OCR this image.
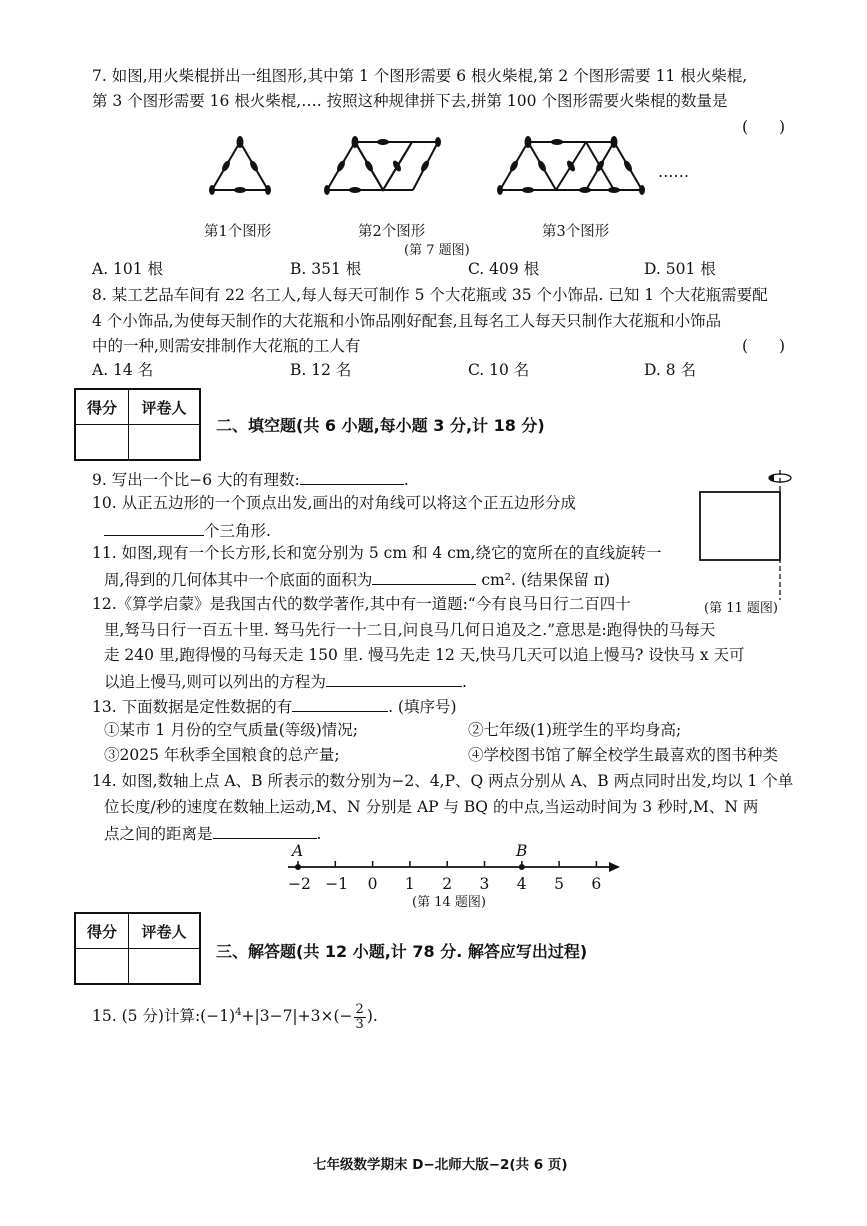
7. 如图,用火柴棍拼出一组图形,其中第 1 个图形需要 6 根火柴棍,第 2 个图形需要 11 根火柴棍,
第 3 个图形需要 16 根火柴棍,…. 按照这种规律拼下去,拼第 100 个图形需要火柴棍的数量是
(　　)
……
第1个图形	第2个图形	第3个图形
(第 7 题图)
A. 101 根	B. 351 根	C. 409 根	D. 501 根
8. 某工艺品车间有 22 名工人,每人每天可制作 5 个大花瓶或 35 个小饰品. 已知 1 个大花瓶需要配
4 个小饰品,为使每天制作的大花瓶和小饰品刚好配套,且每名工人每天只制作大花瓶和小饰品
中的一种,则需安排制作大花瓶的工人有	(　　)
A. 14 名	B. 12 名	C. 10 名	D. 8 名
得分	评卷人

二、填空题(共 6 小题,每小题 3 分,计 18 分)
9. 写出一个比−6 大的有理数:	.
10. 从正五边形的一个顶点出发,画出的对角线可以将这个正五边形分成
个三角形.
11. 如图,现有一个长方形,长和宽分别为 5 cm 和 4 cm,绕它的宽所在的直线旋转一
周,得到的几何体其中一个底面的面积为	cm². (结果保留 π)
(第 11 题图)
12.《算学启蒙》是我国古代的数学著作,其中有一道题:“今有良马日行二百四十
里,驽马日行一百五十里. 驽马先行一十二日,问良马几何日追及之.”意思是:跑得快的马每天
走 240 里,跑得慢的马每天走 150 里. 慢马先走 12 天,快马几天可以追上慢马? 设快马 x 天可
以追上慢马,则可以列出的方程为	.
13. 下面数据是定性数据的有	. (填序号)
①某市 1 月份的空气质量(等级)情况;	②七年级(1)班学生的平均身高;
③2025 年秋季全国粮食的总产量;	④学校图书馆了解全校学生最喜欢的图书种类
14. 如图,数轴上点 A、B 所表示的数分别为−2、4,P、Q 两点分别从 A、B 两点同时出发,均以 1 个单
位长度/秒的速度在数轴上运动,M、N 分别是 AP 与 BQ 的中点,当运动时间为 3 秒时,M、N 两
点之间的距离是	.
A	B
−2 −1 0 1 2 3 4 5 6
(第 14 题图)
得分	评卷人

三、解答题(共 12 小题,计 78 分. 解答应写出过程)
15. (5 分)计算$:(-1)^4+|3-7|+3\times(- \frac{2}{3}$ ).
七年级数学期末 D−北师大版−2(共 6 页)
